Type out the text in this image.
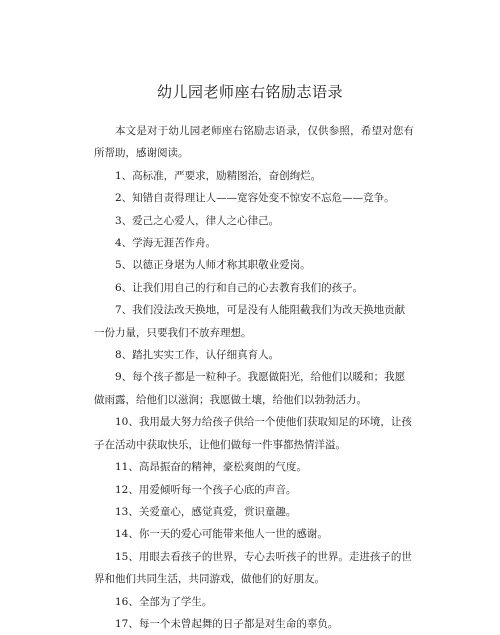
幼儿园老师座右铭励志语录

本文是对于幼儿园老师座右铭励志语录，仅供参照，希望对您有所帮助，感谢阅读。

1、高标准，严要求，励精图治，奋创绚烂。

2、知错自责得理让人——宽容处变不惊安不忘危——竞争。

3、爱己之心爱人，律人之心律己。

4、学海无涯苦作舟。

5、以德正身堪为人师才称其职敬业爱岗。

6、让我们用自己的行和自己的心去教育我们的孩子。

7、我们没法改天换地，可是没有人能阻截我们为改天换地贡献一份力量，只要我们不放弃理想。

8、踏扎实实工作，认仔细真育人。

9、每个孩子都是一粒种子。我愿做阳光，给他们以暖和；我愿做雨露，给他们以滋润；我愿做土壤，给他们以勃勃活力。

10、我用最大努力给孩子供给一个使他们获取知足的环境，让孩子在活动中获取快乐，让他们做每一件事都热情洋溢。

11、高昂振奋的精神，豪松爽朗的气度。

12、用爱倾听每一个孩子心底的声音。

13、关爱童心，感觉真爱，赏识童趣。

14、你一天的爱心可能带来他人一世的感谢。

15、用眼去看孩子的世界，专心去听孩子的世界。走进孩子的世界和他们共同生活，共同游戏，做他们的好朋友。

16、全部为了学生。

17、每一个未曾起舞的日子都是对生命的辜负。
